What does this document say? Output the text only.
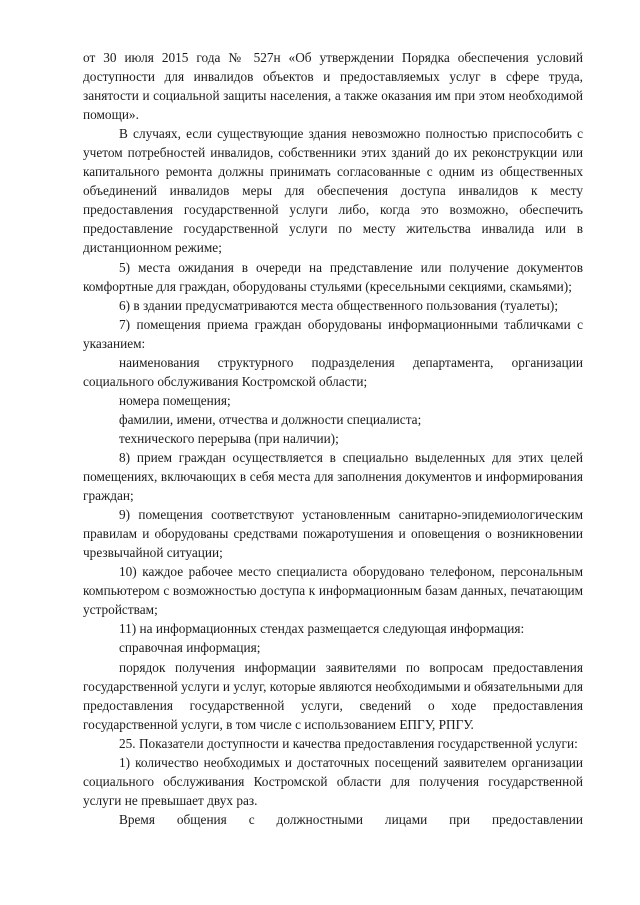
от 30 июля 2015 года № 527н «Об утверждении Порядка обеспечения условий доступности для инвалидов объектов и предоставляемых услуг в сфере труда, занятости и социальной защиты населения, а также оказания им при этом необходимой помощи».

В случаях, если существующие здания невозможно полностью приспособить с учетом потребностей инвалидов, собственники этих зданий до их реконструкции или капитального ремонта должны принимать согласованные с одним из общественных объединений инвалидов меры для обеспечения доступа инвалидов к месту предоставления государственной услуги либо, когда это возможно, обеспечить предоставление государственной услуги по месту жительства инвалида или в дистанционном режиме;

5) места ожидания в очереди на представление или получение документов комфортные для граждан, оборудованы стульями (кресельными секциями, скамьями);

6) в здании предусматриваются места общественного пользования (туалеты);

7) помещения приема граждан оборудованы информационными табличками с указанием:

наименования структурного подразделения департамента, организации социального обслуживания Костромской области;

номера помещения;

фамилии, имени, отчества и должности специалиста;

технического перерыва (при наличии);

8) прием граждан осуществляется в специально выделенных для этих целей помещениях, включающих в себя места для заполнения документов и информирования граждан;

9) помещения соответствуют установленным санитарно-эпидемиологическим правилам и оборудованы средствами пожаротушения и оповещения о возникновении чрезвычайной ситуации;

10) каждое рабочее место специалиста оборудовано телефоном, персональным компьютером с возможностью доступа к информационным базам данных, печатающим устройствам;

11) на информационных стендах размещается следующая информация:

справочная информация;

порядок получения информации заявителями по вопросам предоставления государственной услуги и услуг, которые являются необходимыми и обязательными для предоставления государственной услуги, сведений о ходе предоставления государственной услуги, в том числе с использованием ЕПГУ, РПГУ.

25. Показатели доступности и качества предоставления государственной услуги:

1) количество необходимых и достаточных посещений заявителем организации социального обслуживания Костромской области для получения государственной услуги не превышает двух раз.

Время общения с должностными лицами при предоставлении
